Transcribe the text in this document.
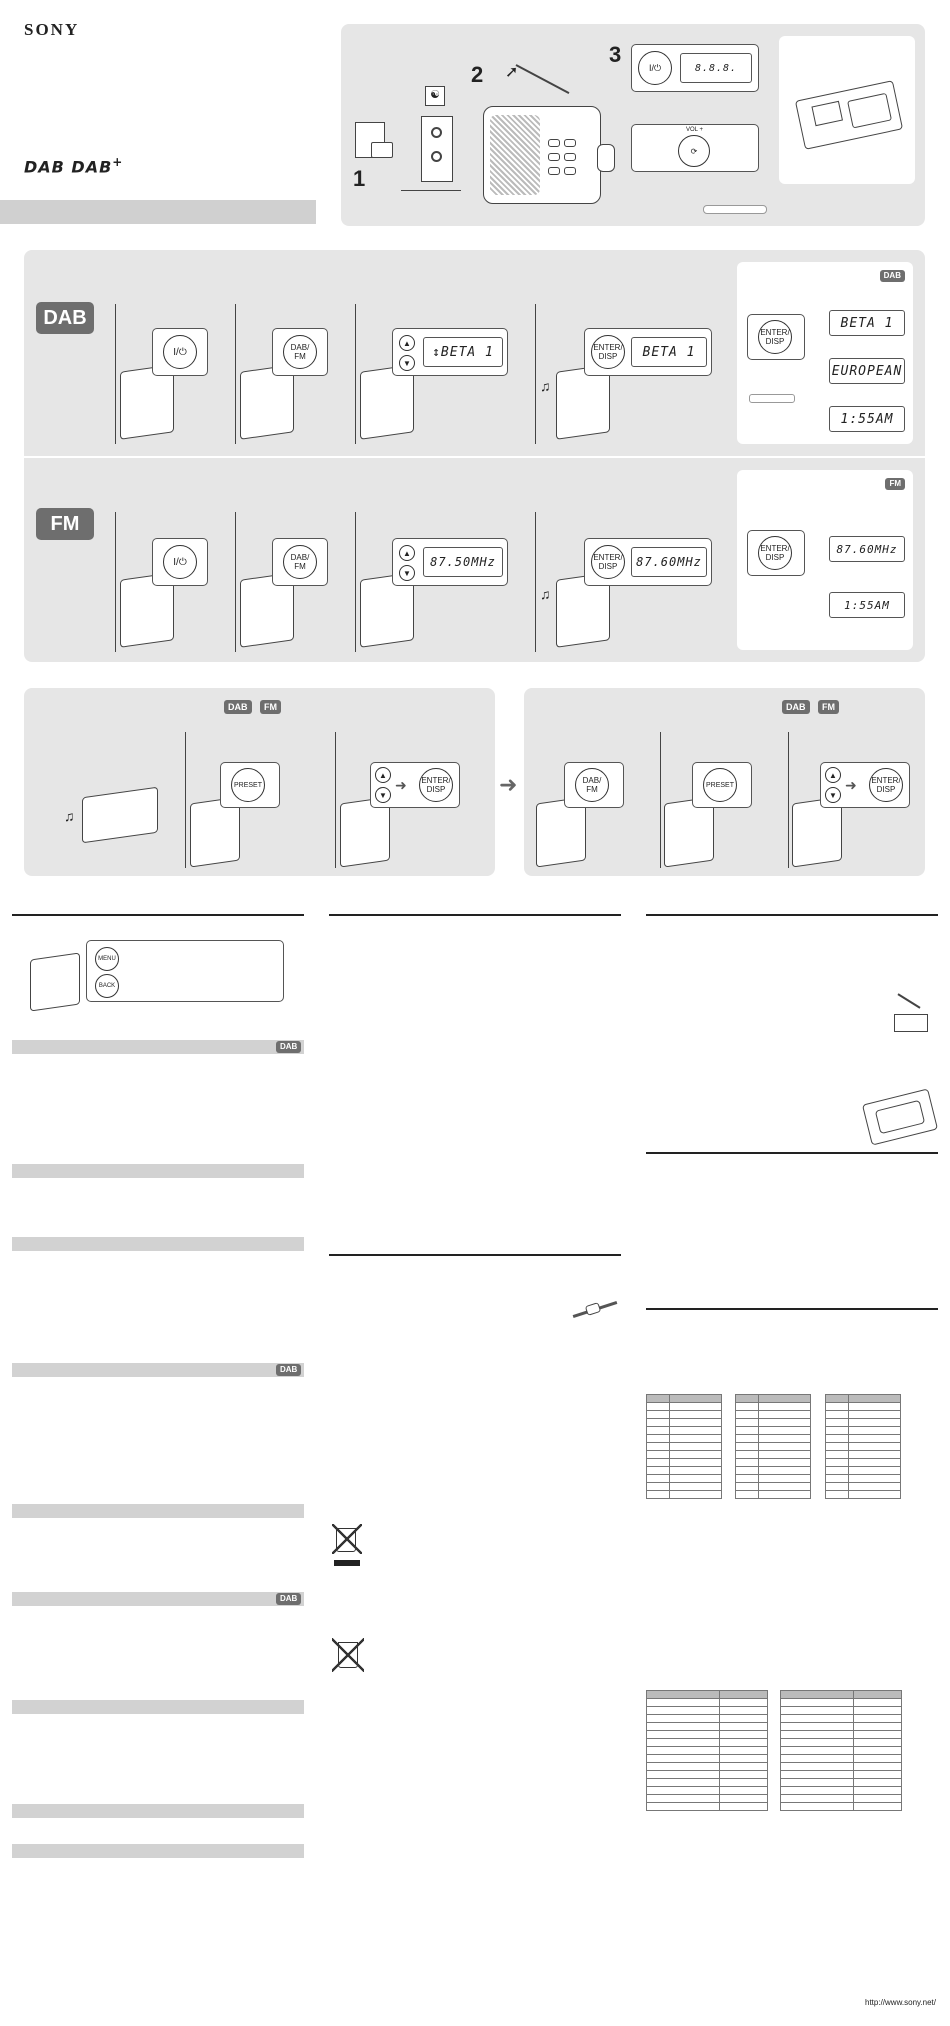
SONY
DAB DAB+
1
☯
2 ➚
3
I/⏻	8.8.8.
VOL +
⟳
DAB
I/⏻	DAB/ FM
▲
▼
↕BETA 1
♫
ENTER/ DISP	BETA 1
DAB
ENTER/ DISP
BETA 1
EUROPEAN
1:55AM
FM
I/⏻	DAB/ FM
▲
▼
87.50MHz
♫
ENTER/ DISP	87.60MHz
FM
ENTER/ DISP
87.60MHz
1:55AM
DAB	FM
♫
PRESET
▲
▼
➜ ENTER/ DISP	➜
DAB	FM
DAB/ FM	PRESET
▲
▼
➜ ENTER/ DISP
MENU
BACK
DAB
DAB
DAB

http://www.sony.net/
